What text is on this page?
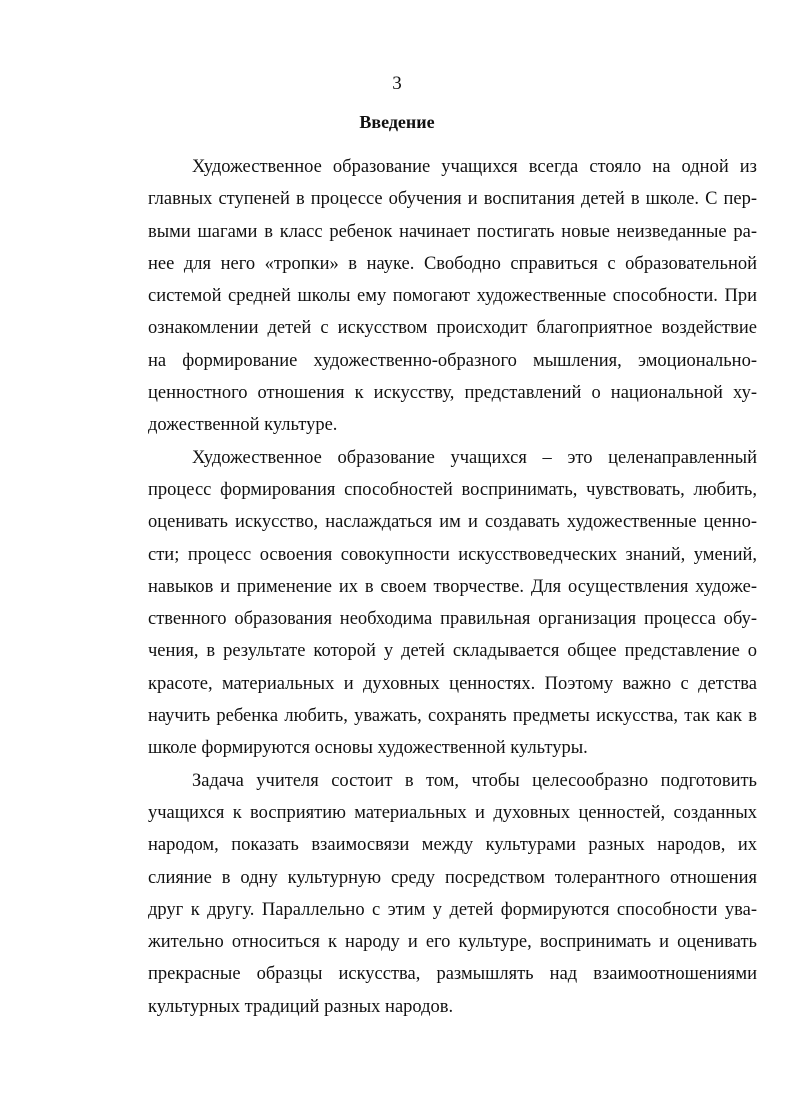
3
Введение
Художественное образование учащихся всегда стояло на одной из
главных ступеней в процессе обучения и воспитания детей в школе. С пер-
выми шагами в класс ребенок начинает постигать новые неизведанные ра-
нее для него «тропки» в науке. Свободно справиться с образовательной
системой средней школы ему помогают художественные способности. При
ознакомлении детей с искусством происходит благоприятное воздействие
на формирование художественно-образного мышления, эмоционально-
ценностного отношения к искусству, представлений о национальной ху-
дожественной культуре.
Художественное образование учащихся – это целенаправленный
процесс формирования способностей воспринимать, чувствовать, любить,
оценивать искусство, наслаждаться им и создавать художественные ценно-
сти; процесс освоения совокупности искусствоведческих знаний, умений,
навыков и применение их в своем творчестве. Для осуществления художе-
ственного образования необходима правильная организация процесса обу-
чения, в результате которой у детей складывается общее представление о
красоте, материальных и духовных ценностях. Поэтому важно с детства
научить ребенка любить, уважать, сохранять предметы искусства, так как в
школе формируются основы художественной культуры.
Задача учителя состоит в том, чтобы целесообразно подготовить
учащихся к восприятию материальных и духовных ценностей, созданных
народом, показать взаимосвязи между культурами разных народов, их
слияние в одну культурную среду посредством толерантного отношения
друг к другу. Параллельно с этим у детей формируются способности ува-
жительно относиться к народу и его культуре, воспринимать и оценивать
прекрасные образцы искусства, размышлять над взаимоотношениями
культурных традиций разных народов.
